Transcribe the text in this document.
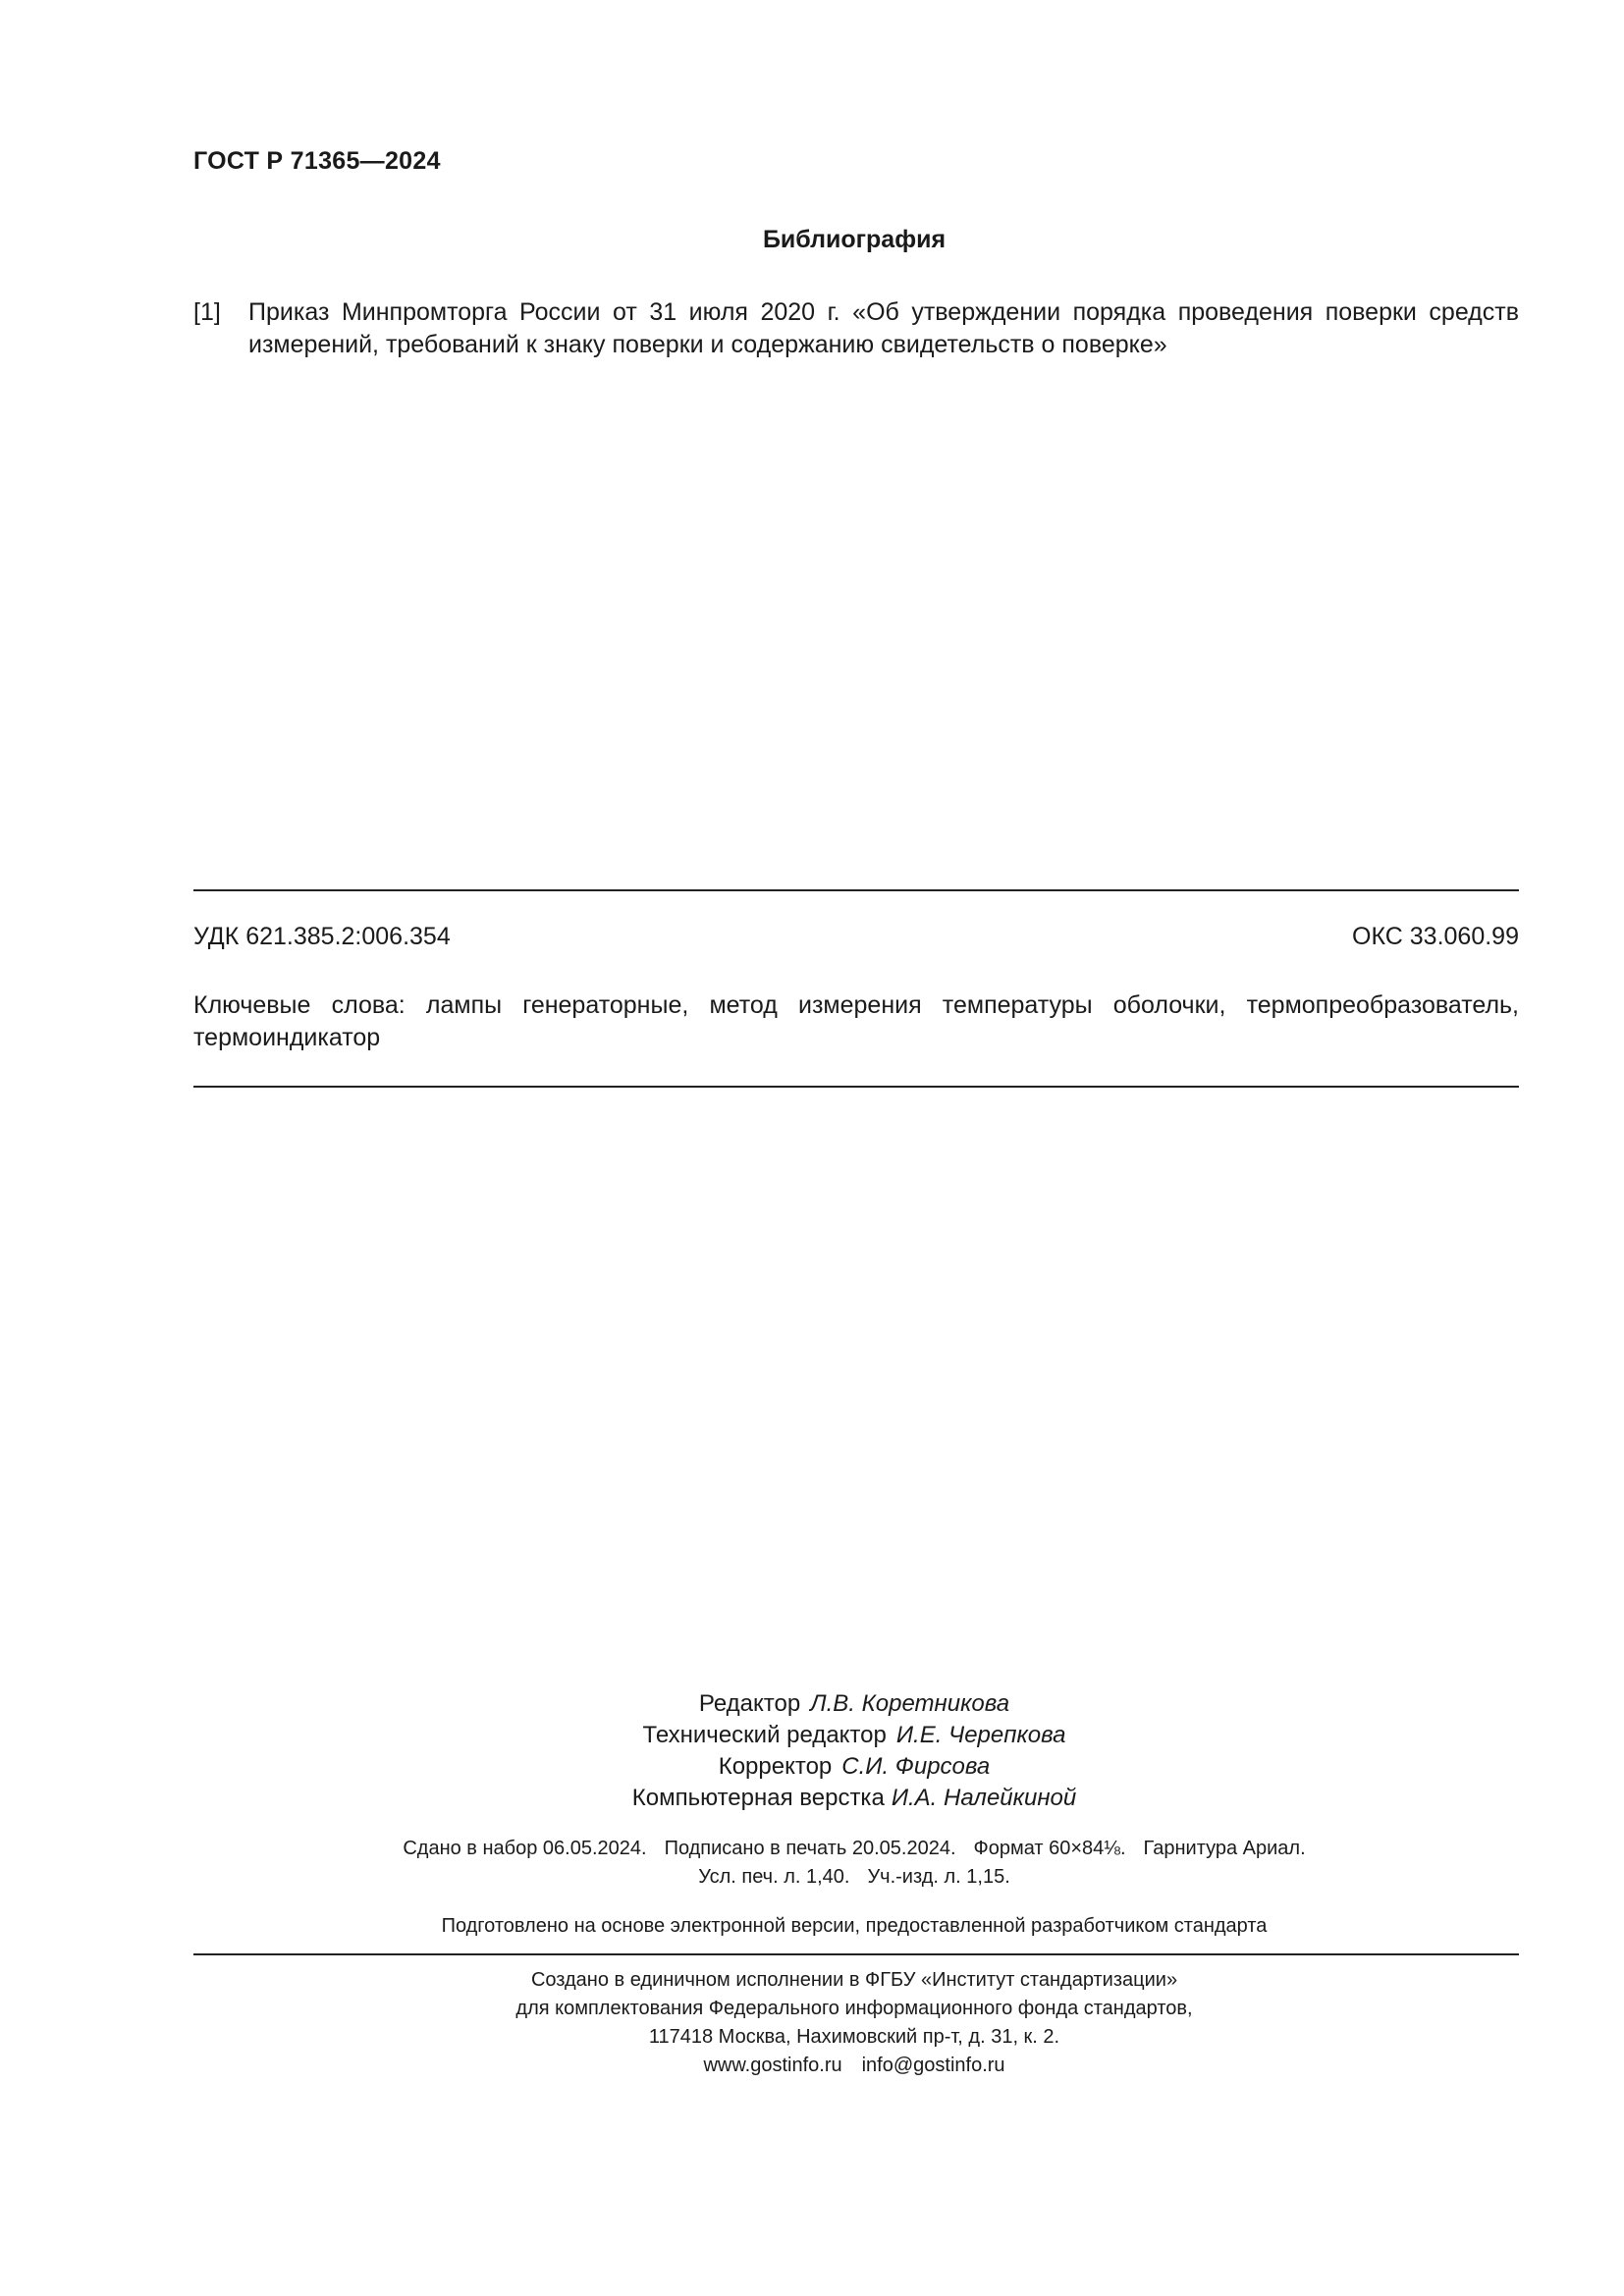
ГОСТ Р 71365—2024
Библиография
[1] Приказ Минпромторга России от 31 июля 2020 г. «Об утверждении порядка проведения поверки средств измерений, требований к знаку поверки и содержанию свидетельств о поверке»
УДК 621.385.2:006.354	ОКС 33.060.99
Ключевые слова: лампы генераторные, метод измерения температуры оболочки, термопреобразователь, термоиндикатор
Редактор Л.В. Коретникова
Технический редактор И.Е. Черепкова
Корректор С.И. Фирсова
Компьютерная верстка И.А. Налейкиной
Сдано в набор 06.05.2024. Подписано в печать 20.05.2024. Формат 60×84⅛. Гарнитура Ариал.
Усл. печ. л. 1,40. Уч.-изд. л. 1,15.
Подготовлено на основе электронной версии, предоставленной разработчиком стандарта
Создано в единичном исполнении в ФГБУ «Институт стандартизации»
для комплектования Федерального информационного фонда стандартов,
117418 Москва, Нахимовский пр-т, д. 31, к. 2.
www.gostinfo.ru info@gostinfo.ru
